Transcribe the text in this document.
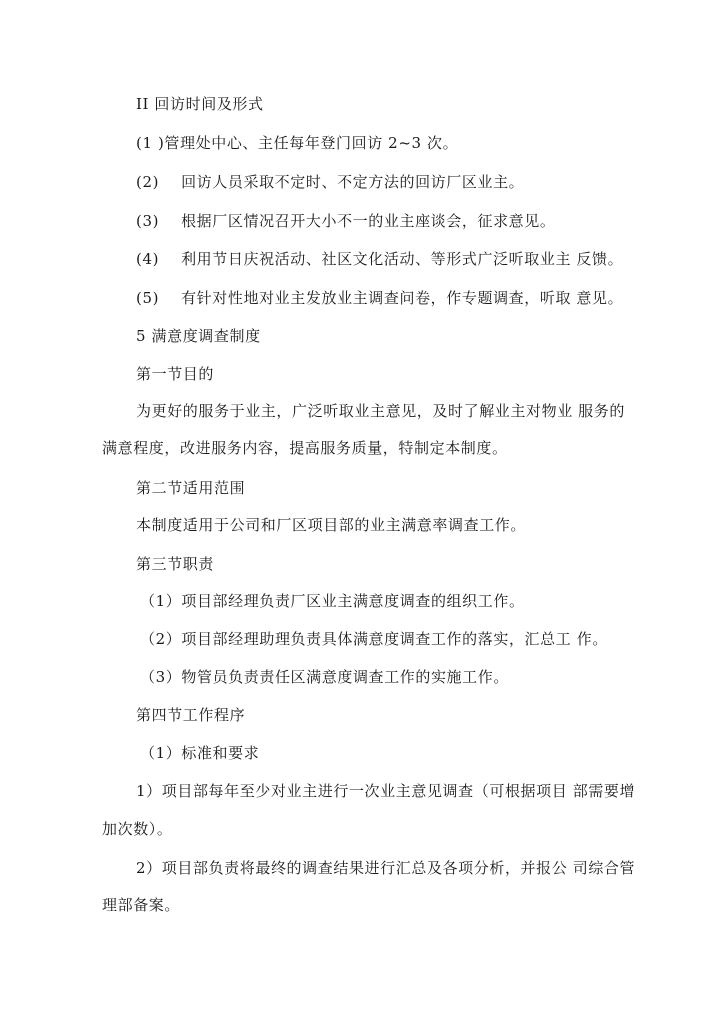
II 回访时间及形式
(1 )管理处中心、主任每年登门回访 2~3 次。
(2) 回访人员采取不定时、不定方法的回访厂区业主。
(3) 根据厂区情况召开大小不一的业主座谈会，征求意见。
(4) 利用节日庆祝活动、社区文化活动、等形式广泛听取业主 反馈。
(5) 有针对性地对业主发放业主调查问卷，作专题调查，听取 意见。
5 满意度调查制度
第一节目的
为更好的服务于业主，广泛听取业主意见，及时了解业主对物业 服务的
满意程度，改进服务内容，提高服务质量，特制定本制度。
第二节适用范围
本制度适用于公司和厂区项目部的业主满意率调查工作。
第三节职责
（1）项目部经理负责厂区业主满意度调查的组织工作。
（2）项目部经理助理负责具体满意度调查工作的落实，汇总工 作。
（3）物管员负责责任区满意度调查工作的实施工作。
第四节工作程序
（1）标准和要求
1）项目部每年至少对业主进行一次业主意见调查（可根据项目 部需要增
加次数）。
2）项目部负责将最终的调查结果进行汇总及各项分析，并报公 司综合管
理部备案。
